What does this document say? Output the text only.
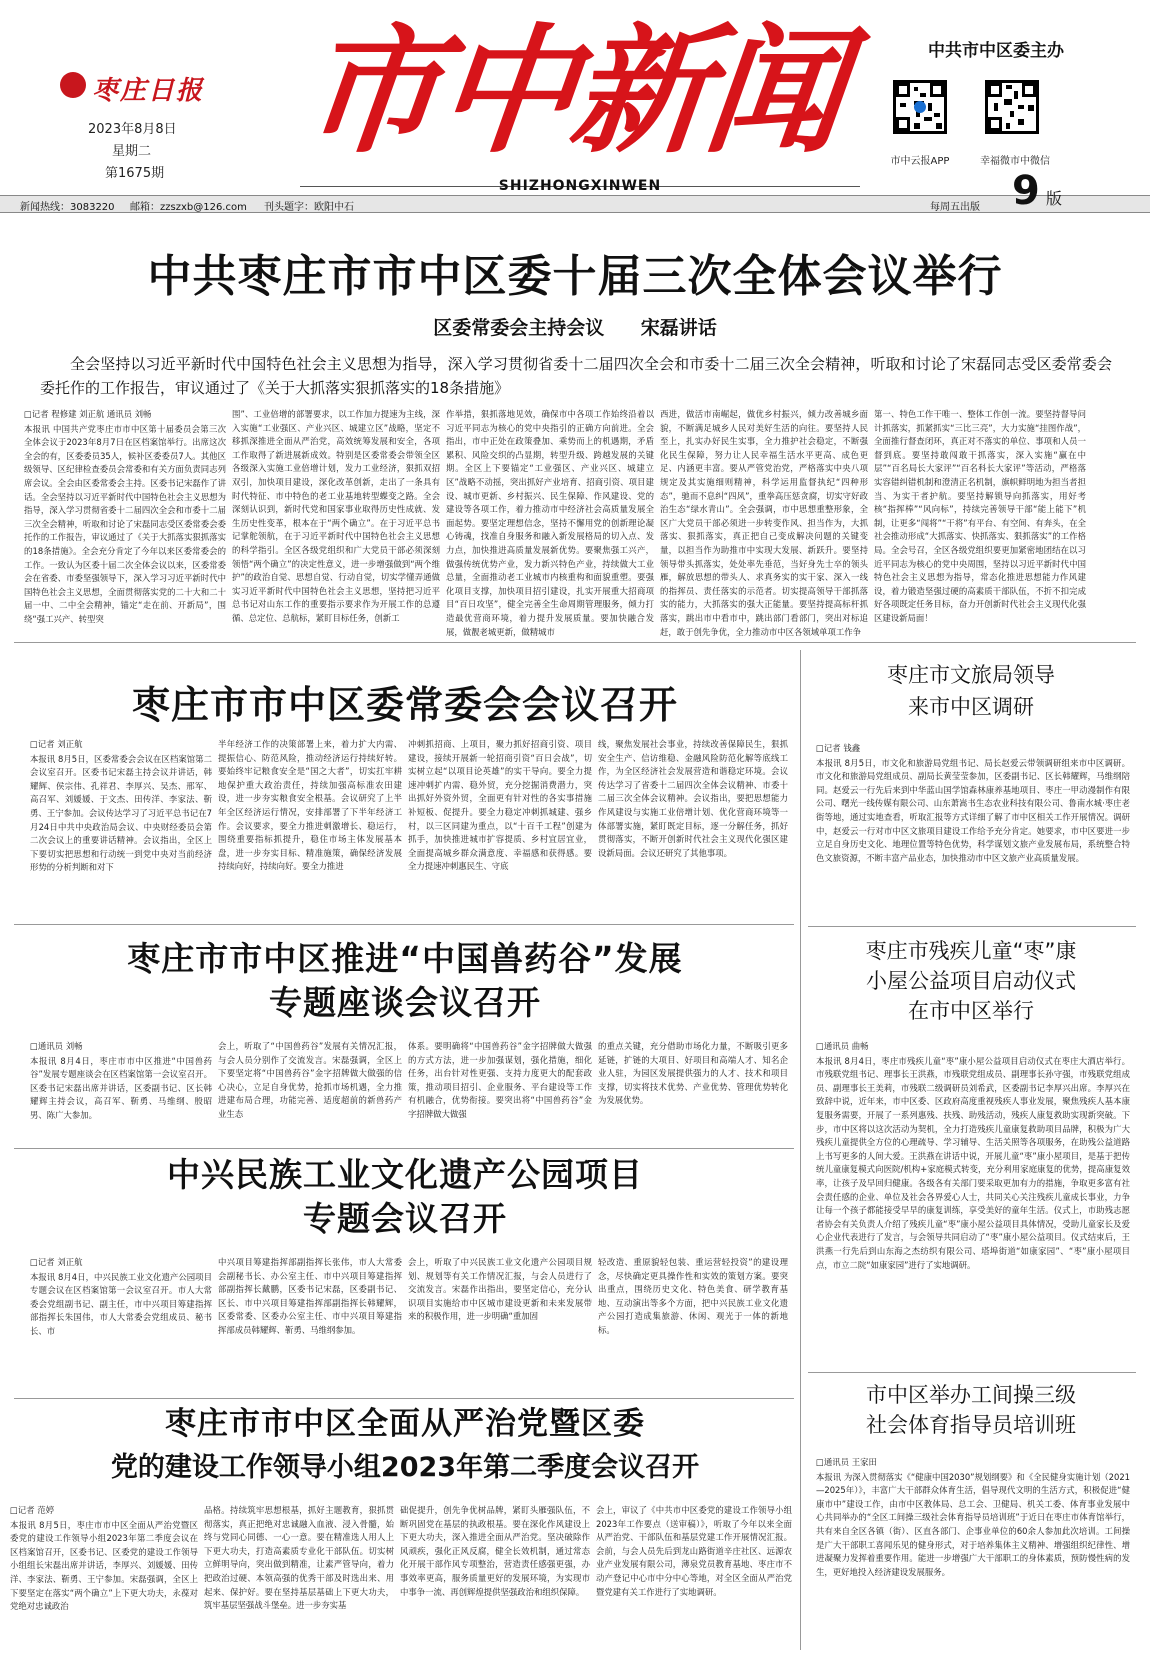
枣庄日报
2023年8月8日
星期二
第1675期
市中新闻
SHIZHONGXINWEN
中共市中区委主办
市中云报APP	幸福微市中微信
新闻热线：3083220 邮箱：zzszxb@126.com 刊头题字：欧阳中石	每周五出版 9 版
中共枣庄市市中区委十届三次全体会议举行
区委常委会主持会议 宋磊讲话
全会坚持以习近平新时代中国特色社会主义思想为指导，深入学习贯彻省委十二届四次全会和市委十二届三次全会精神，听取和讨论了宋磊同志受区委常委会委托作的工作报告，审议通过了《关于大抓落实狠抓落实的18条措施》
□记者 程修建 刘正航 通讯员 刘畅
本报讯 中国共产党枣庄市市中区第十届委员会第三次全体会议于2023年8月7日在区档案馆举行。出席这次全会的有，区委委员35人，候补区委委员7人。其他区级领导、区纪律检查委员会常委和有关方面负责同志列席会议。全会由区委常委会主持。区委书记宋磊作了讲话。全会坚持以习近平新时代中国特色社会主义思想为指导，深入学习贯彻省委十二届四次全会和市委十二届三次全会精神，听取和讨论了宋磊同志受区委常委会委托作的工作报告，审议通过了《关于大抓落实狠抓落实的18条措施》。全会充分肯定了今年以来区委常委会的工作。一致认为区委十届二次全体会议以来，区委常委会在省委、市委坚强领导下，深入学习习近平新时代中国特色社会主义思想，全面贯彻落实党的二十大和二十届一中、二中全会精神，锚定“走在前、开新局”，围绕“强工兴产、转型突
围”、工业倍增的部署要求，以工作加力提速为主线，深入实施“工业强区、产业兴区、城建立区”战略，坚定不移抓深推进全面从严治党，高效统筹发展和安全，各项工作取得了新进展新成效。特别是区委常委会带领全区各级深入实施工业倍增计划，发力工业经济，狠抓双招双引，加快项目建设，深化改革创新，走出了一条具有时代特征、市中特色的老工业基地转型蝶变之路。全会深刻认识到，新时代党和国家事业取得历史性成就、发生历史性变革，根本在于“两个确立”。在于习近平总书记掌舵领航，在于习近平新时代中国特色社会主义思想的科学指引。全区各级党组织和广大党员干部必须深刻领悟“两个确立”的决定性意义，进一步增强做到“两个维护”的政治自觉、思想自觉、行动自觉，切实学懂弄通做实习近平新时代中国特色社会主义思想，坚持把习近平总书记对山东工作的重要指示要求作为开展工作的总遵循、总定位、总航标，紧盯目标任务，创新工
作举措，狠抓落地见效，确保市中各项工作始终沿着以习近平同志为核心的党中央指引的正确方向前进。全会指出，市中正处在政策叠加、乘势而上的机遇期，矛盾累积、风险交织的凸显期，转型升级、跨越发展的关键期。全区上下要锚定“工业强区、产业兴区、城建立区”战略不动摇，突出抓好产业培育、招商引资、项目建设、城市更新、乡村振兴、民生保障、作风建设、党的建设等各项工作，着力推动市中经济社会高质量发展全面起势。要坚定理想信念，坚持不懈用党的创新理论凝心铸魂，找准自身服务和融入新发展格局的切入点、发力点，加快推进高质量发展新优势。要聚焦强工兴产，做强传统优势产业，发力新兴特色产业，持续做大工业总量，全面推动老工业城市内核重构和面貌重塑。要强化项目支撑，加快项目招引建设，扎实开展重大招商项目“百日攻坚”，健全完善全生命周期管理服务，倾力打造最优营商环境，着力提升发展质量。要加快融合发展，做靓老城更新，做精城市
西进，做活市南崛起，做优乡村振兴，倾力改善城乡面貌，不断满足城乡人民对美好生活的向往。要坚持人民至上，扎实办好民生实事，全力推护社会稳定，不断强化民生保障，努力让人民幸福生活水平更高、成色更足、内涵更丰富。要从严管党治党，严格落实中央八项规定及其实施细则精神，科学运用监督执纪“四种形态”，驰而不息纠“四风”，重拳高压惩贪腐，切实守好政治生态“绿水青山”。全会强调，市中思想重整形象，全区广大党员干部必须进一步转变作风、担当作为，大抓落实、狠抓落实，真正把自己变成解决问题的关键变量，以担当作为助推市中实现大发展、新跃升。要坚持领导带头抓落实，处处率先垂范，当好身先士卒的领头雁，解放思想的带头人、求真务实的实干家、深入一线的指挥员、责任落实的示范者。切实提高领导干部抓落实的能力，大抓落实的强大正能量。要坚持提高标杆抓落实，跳出市中看市中，跳出部门看部门，突出对标追赶，敢于创先争优，全力推动市中区各领域单项工作争
第一、特色工作干唯一、整体工作创一流。要坚持督导问计抓落实，抓紧抓实“三比三亮”，大力实施“挂图作战”，全面推行督查闭环，真正对不落实的单位、事项和人员一督到底。要坚持敢闯敢干抓落实，深入实施“赢在中层”“百名局长大家评”“百名科长大家评”等活动，严格落实容错纠错机制和澄清正名机制，旗帜鲜明地为担当者担当、为实干者护航。要坚持解锁导向抓落实，用好考核“指挥棒”“风向标”，持续完善领导干部“能上能下”机制，让更多“闯将”“干将”有平台、有空间、有奔头，在全社会推动形成“大抓落实、快抓落实、狠抓落实”的工作格局。全会号召，全区各级党组织要更加紧密地团结在以习近平同志为核心的党中央周围，坚持以习近平新时代中国特色社会主义思想为指导，常态化推进思想能力作风建设，着力锻造坚强过硬的高素质干部队伍，不折不扣完成好各项既定任务目标，奋力开创新时代社会主义现代化强区建设新局面！
枣庄市市中区委常委会会议召开
□记者 刘正航
本报讯 8月5日，区委常委会会议在区档案馆第二会议室召开。区委书记宋磊主持会议并讲话，韩耀辉、侯宗伟、孔祥君、李厚兴、吴杰、邢军、高召军、刘媛媛、于文杰、田传洋、李家法、靳勇、王宁参加。会议传达学习了习近平总书记在7月24日中共中央政治局会议、中央财经委员会第二次会议上的重要讲话精神。会议指出，全区上下要切实把思想和行动统一到党中央对当前经济形势的分析判断和对下
半年经济工作的决策部署上来，着力扩大内需、提振信心、防范风险，推动经济运行持续好转。要始终牢记粮食安全是“国之大者”，切实扛牢耕地保护重大政治责任，持续加强高标准农田建设，进一步夯实粮食安全根基。会议研究了上半年全区经济运行情况，安排部署了下半年经济工作。会议要求，要全力推进刺激增长、稳运行，围绕重要指标抓提升，稳住市场主体发展基本盘，进一步夯实目标、精准施策，确保经济发展持续向好，持续向好。要全力推进
冲刺抓招商、上项目，聚力抓好招商引资、项目建设，接续开展新一轮招商引资“百日会战”，切实树立起“以项目论英雄”的实干导向。要全力提速冲刺扩内需、稳外贸，充分挖掘消费潜力，突出抓好外资外贸，全面更有针对性的各实事措施补短板、促提升。要全力稳定冲刺抓城建、强乡村，以三区同建为重点，以“十百千工程”创建为抓手，加快推进城市扩容提质、乡村宜居宜业，全面提高城乡群众满意度、幸福感和获得感。要全力提速冲刺惠民生、守底
线，聚焦发展社会事业，持续改善保障民生，狠抓安全生产、信访维稳、金融风险防范化解等底线工作，为全区经济社会发展营造和谐稳定环境。会议传达学习了省委十二届四次全体会议精神、市委十二届三次全体会议精神。会议指出，要把思想能力作风建设与实施工业倍增计划、优化营商环境等一体部署实施，紧盯既定目标，逐一分解任务，抓好贯彻落实，不断开创新时代社会主义现代化强区建设新局面。会议还研究了其他事项。
枣庄市市中区推进“中国兽药谷”发展
专题座谈会议召开
□通讯员 刘畅
本报讯 8月4日，枣庄市市中区推进“中国兽药谷”发展专题座谈会在区档案馆第一会议室召开。区委书记宋磊出席并讲话，区委副书记、区长韩耀辉主持会议，高召军、靳勇、马维纲、殷昭男、陈广大参加。
会上，听取了“中国兽药谷”发展有关情况汇报，与会人员分别作了交流发言。宋磊强调，全区上下要坚定将“中国兽药谷”金字招牌做大做强的信心决心，立足自身优势，抢抓市场机遇，全力推进建布局合理，功能完善、适度超前的新兽药产业生态
体系。要明确将“中国兽药谷”金字招牌做大做强的方式方法，进一步加强谋划，强化措施，细化任务，出台针对性更强、支持力度更大的配套政策，推动项目招引、企业服务、平台建设等工作有机融合，优势衔接。要突出将“中国兽药谷”金字招牌做大做强
的重点关键，充分借助市场化力量，不断吸引更多延链，扩链的大项目、好项目和高端人才、知名企业人驻，为园区发展提供强力的人才、技术和项目支撑，切实将技术优势、产业优势、管理优势转化为发展优势。
中兴民族工业文化遗产公园项目
专题会议召开
□记者 刘正航
本报讯 8月4日，中兴民族工业文化遗产公园项目专题会议在区档案馆第一会议室召开。市人大常委会党组副书记、副主任，市中兴项目筹建指挥部指挥长朱国伟，市人大常委会党组成员、秘书长、市
中兴项目筹建指挥部副指挥长张伟，市人大常委会副秘书长、办公室主任、市中兴项目筹建指挥部副指挥长戴鹏，区委书记宋磊，区委副书记、区长、市中兴项目筹建指挥部副指挥长韩耀辉，区委常委、区委办公室主任、市中兴项目筹建指挥部成员韩耀辉、靳勇、马维纲参加。
会上，听取了中兴民族工业文化遗产公园项目规划、规划等有关工作情况汇报，与会人员进行了交流发言。宋磊作出指出，要坚定信心，充分认识项目实施给市中区城市建设更新和未来发展带来的积极作用，进一步明确“重加固
轻改造、重原貌轻包装、重运营轻投资”的建设理念，尽快确定更具操作性和实效的策划方案。要突出重点，围绕历史文化、特色美食、研学教育基地、互动演出等多个方面，把中兴民族工业文化遗产公园打造成集旅游、休闲、观光于一体的新地标。
枣庄市市中区全面从严治党暨区委
党的建设工作领导小组2023年第二季度会议召开
□记者 范婷
本报讯 8月5日，枣庄市市中区全面从严治党暨区委党的建设工作领导小组2023年第二季度会议在区档案馆召开，区委书记、区委党的建设工作领导小组组长宋磊出席并讲话，李厚兴、刘媛媛、田传洋、李家法、靳勇、王宁参加。宋磊强调，全区上下要坚定在落实“两个确立”上下更大功夫，永葆对党绝对忠诚政治
品格。持续筑牢思想根基，抓好主题教育，狠抓贯彻落实，真正把绝对忠诚融入血液、浸入骨髓，始终与党同心同德、一心一意。要在精准选人用人上下更大功夫，打造高素质专业化干部队伍。切实树立鲜明导向，突出做到精准，让素严管导向，着力把政治过硬、本领高强的优秀干部及时选出来、用起来、保护好。要在坚持基层基础上下更大功夫，筑牢基层坚强战斗堡垒。进一步夯实基
础促提升，创先争优树品牌，紧盯头雁强队伍，不断巩固党在基层的执政根基。要在深化作风建设上下更大功夫，深入推进全面从严治党。坚决破除作风顽疾，强化正风反腐，健全长效机制，通过常态化开展干部作风专项整治，营造责任感强更强，办事效率更高，服务质量更好的发展环境，为实现市中事争一流、再创辉煌提供坚强政治和组织保障。
会上，审议了《中共市中区委党的建设工作领导小组2023年工作要点（送审稿）》，听取了今年以来全面从严治党、干部队伍和基层党建工作开展情况汇报。会前，与会人员先后到龙山路街道辛庄社区、远源农业产业发展有限公司，薄泉党员教育基地、枣庄市不动产登记中心市中分中心等地，对全区全面从严治党暨党建有关工作进行了实地调研。
枣庄市文旅局领导
来市中区调研
□记者 钱鑫
本报讯 8月5日，市文化和旅游局党组书记、局长赵爱云带领调研组来市中区调研。市文化和旅游局党组成员、副局长黄莹莹参加，区委副书记、区长韩耀辉，马维纲陪同。赵爱云一行先后来到中华蓝山国学馆森林康养基地项目、枣庄一甲动漫制作有限公司、曙光一线传媒有限公司、山东萧嵩书生态农业科技有限公司、鲁南水城·枣庄老街等地，通过实地查看，听取汇报等方式详细了解了市中区相关工作开展情况。调研中，赵爱云一行对市中区文旅项目建设工作给予充分肯定。她要求，市中区要进一步立足自身历史文化、地理位置等特色优势，科学谋划文旅产业发展布局，系统整合特色文旅资源，不断丰富产品业态，加快推动市中区文旅产业高质量发展。
枣庄市残疾儿童“枣”康
小屋公益项目启动仪式
在市中区举行
□通讯员 曲畅
本报讯 8月4日，枣庄市残疾儿童“枣”康小屋公益项目启动仪式在枣庄大酒店举行。市残联党组书记、理事长王洪燕，市残联党组成员、副理事长孙守强，市残联党组成员、副理事长王美莉，市残联二级调研员刘希武，区委副书记李厚兴出席。李厚兴在致辞中说，近年来，市中区委、区政府高度重视残疾人事业发展，聚焦残疾人基本康复服务需要，开展了一系列惠残、扶残、助残活动，残疾人康复救助实现新突破。下步，市中区将以这次活动为契机，全力打造残疾儿童康复救助项目品牌，积极为广大残疾儿童提供全方位的心理疏导、学习辅导、生活关照等各项服务，在助残公益道路上书写更多的人间大爱。王洪燕在讲话中说，开展儿童“枣”康小屋项目，是基于把传统儿童康复模式向医院/机构+家庭模式转变，充分利用家庭康复的优势，提高康复效率，让孩子及早回归健康。各级各有关部门要采取更加有力的措施，争取更多富有社会责任感的企业、单位及社会各界爱心人士，共同关心关注残疾儿童成长事业，力争让每一个孩子都能接受早早的康复训练，享受美好的童年生活。仪式上，市助残志愿者协会有关负责人介绍了残疾儿童“枣”康小屋公益项目具体情况，受助儿童家长及爱心企业代表进行了发言，与会领导共同启动了“枣”康小屋公益项目。仪式结束后，王洪燕一行先后到山东海之杰纺织有限公司、塔埠街道“如康家园”、“枣”康小屋项目点，市立二院“如康家园”进行了实地调研。
市中区举办工间操三级
社会体育指导员培训班
□通讯员 王家田
本报讯 为深入贯彻落实《“健康中国2030”规划纲要》和《全民健身实施计划（2021—2025年）》，丰富广大干部群众体育生活，倡导现代文明的生活方式，积极促进“健康市中”建设工作，由市中区教体局、总工会、卫健局、机关工委、体育事业发展中心共同举办的“全区工间操三级社会体育指导员培训班”于近日在枣庄市体育馆举行，共有来自全区各镇（街）、区直各部门、企事业单位的60余人参加此次培训。工间操是广大干部职工喜闻乐见的健身形式，对于培养集体主义精神、增强组织纪律性、增进凝聚力发挥着重要作用。能进一步增强广大干部职工的身体素质，预防慢性病的发生，更好地投入经济建设发展服务。
